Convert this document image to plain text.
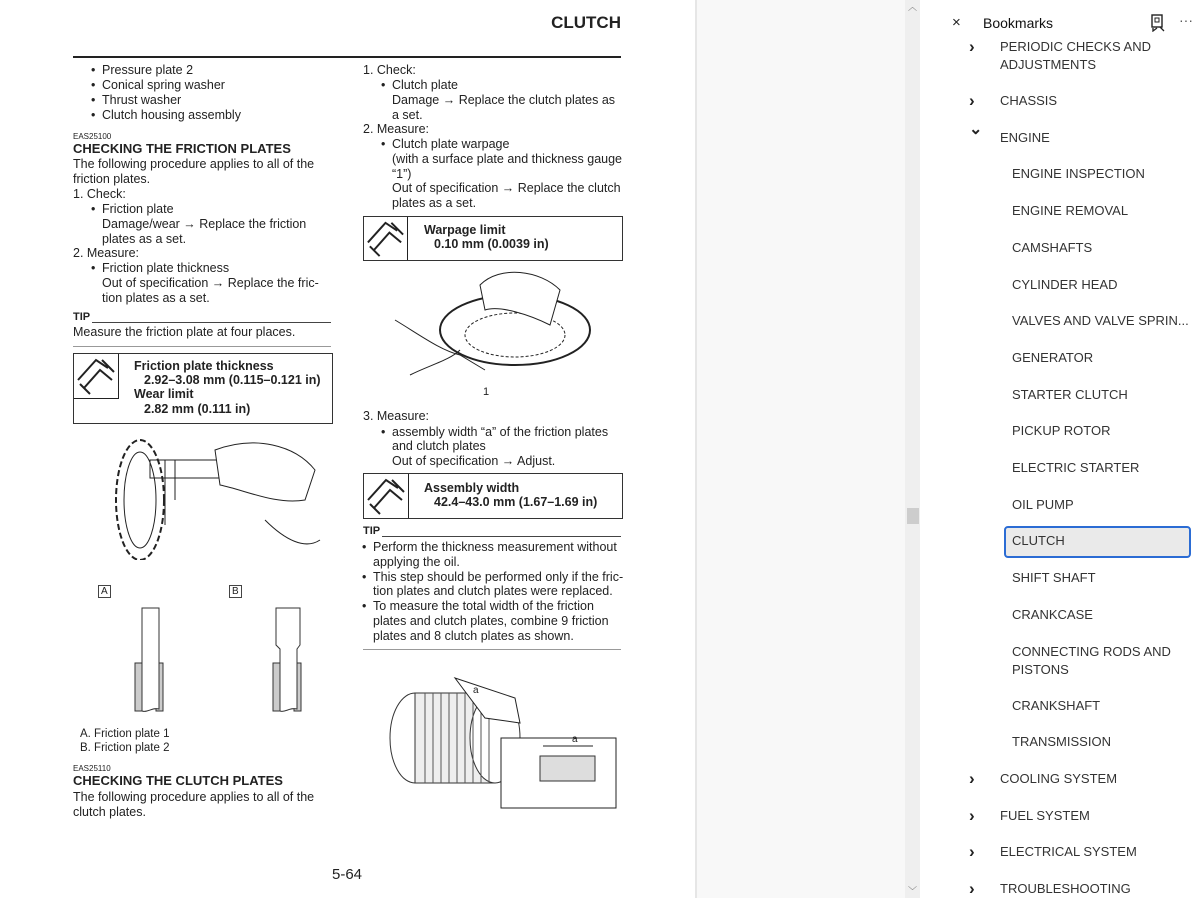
CLUTCH
• Pressure plate 2
• Conical spring washer
• Thrust washer
• Clutch housing assembly
EAS25100
CHECKING THE FRICTION PLATES
The following procedure applies to all of the
friction plates.
1. Check:
• Friction plate
Damage/wear → Replace the friction
plates as a set.
2. Measure:
• Friction plate thickness
Out of specification → Replace the fric-
tion plates as a set.
TIP
Measure the friction plate at four places.
Friction plate thickness
2.92–3.08 mm (0.115–0.121 in)
Wear limit
2.82 mm (0.111 in)
A	B
A. Friction plate 1
B. Friction plate 2
EAS25110
CHECKING THE CLUTCH PLATES
The following procedure applies to all of the
clutch plates.
5-64
1. Check:
• Clutch plate
Damage → Replace the clutch plates as
a set.
2. Measure:
• Clutch plate warpage
(with a surface plate and thickness gauge
“1”)
Out of specification → Replace the clutch
plates as a set.
Warpage limit
0.10 mm (0.0039 in)
1
3. Measure:
• assembly width “a” of the friction plates
and clutch plates
Out of specification → Adjust.
Assembly width
42.4–43.0 mm (1.67–1.69 in)
TIP
• Perform the thickness measurement without
applying the oil.
• This step should be performed only if the fric-
tion plates and clutch plates were replaced.
• To measure the total width of the friction
plates and clutch plates, combine 9 friction
plates and 8 clutch plates as shown.
a
a
︿
﹀
× Bookmarks	···
› PERIODIC CHECKS AND ADJUSTMENTS
› CHASSIS
⌄ ENGINE
ENGINE INSPECTION
ENGINE REMOVAL
CAMSHAFTS
CYLINDER HEAD
VALVES AND VALVE SPRIN...
GENERATOR
STARTER CLUTCH
PICKUP ROTOR
ELECTRIC STARTER
OIL PUMP
CLUTCH
SHIFT SHAFT
CRANKCASE
CONNECTING RODS AND PISTONS
CRANKSHAFT
TRANSMISSION
› COOLING SYSTEM
› FUEL SYSTEM
› ELECTRICAL SYSTEM
› TROUBLESHOOTING
